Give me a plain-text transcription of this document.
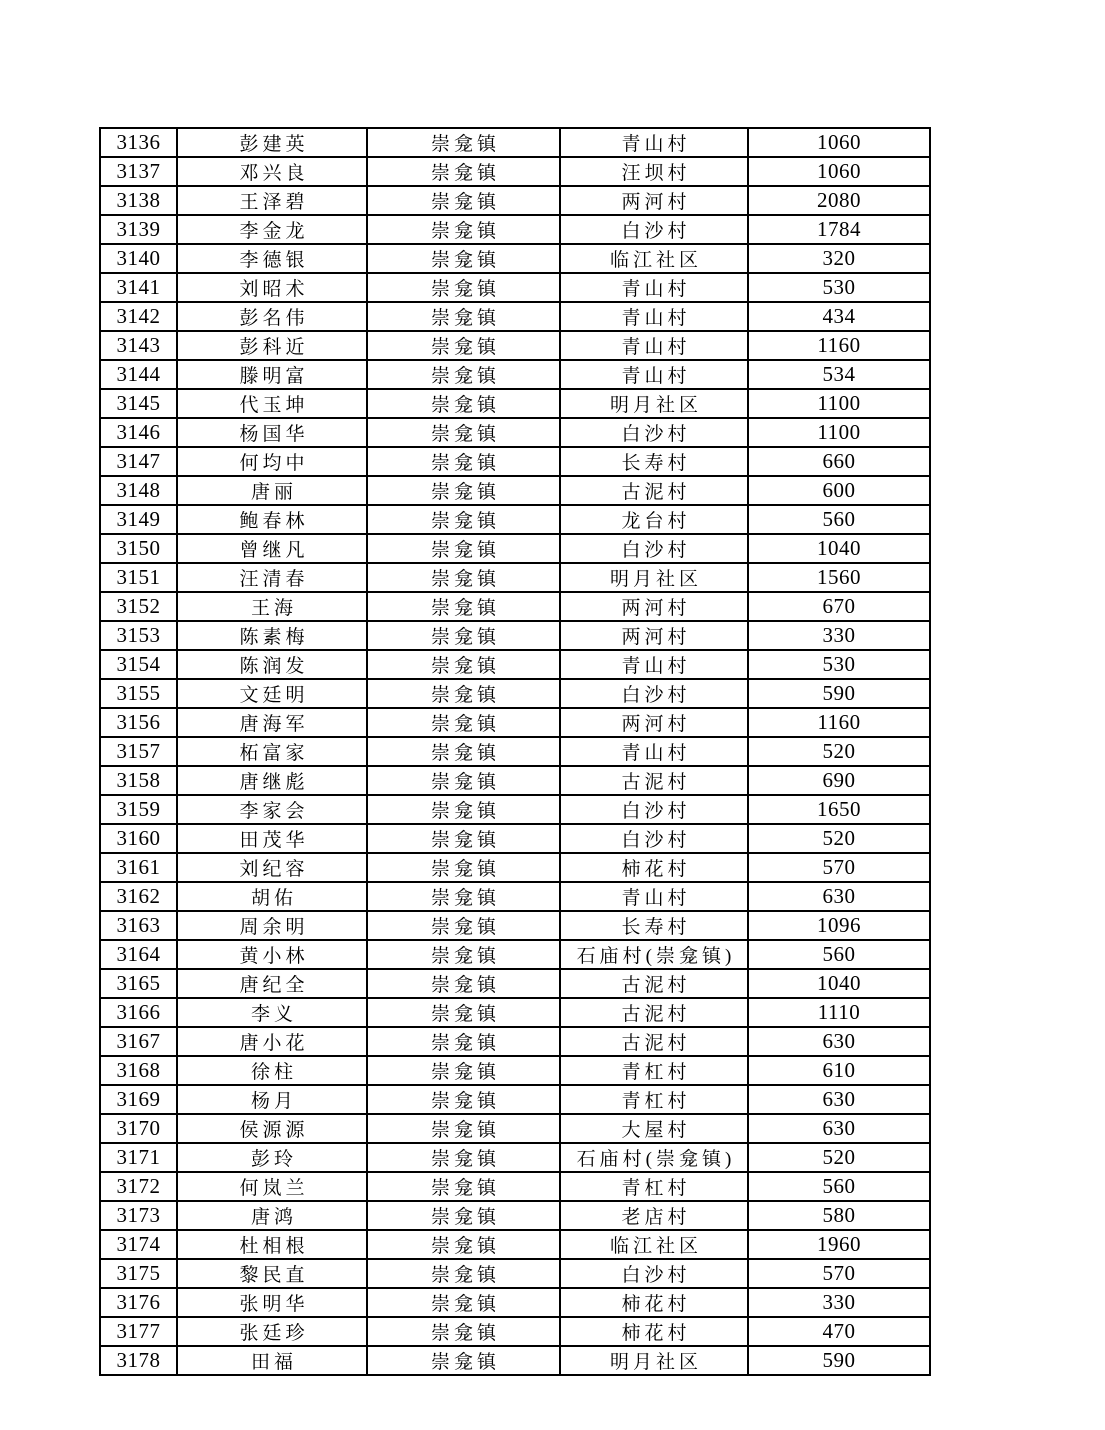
3136	彭建英	崇龛镇	青山村	1060
3137	邓兴良	崇龛镇	汪坝村	1060
3138	王泽碧	崇龛镇	两河村	2080
3139	李金龙	崇龛镇	白沙村	1784
3140	李德银	崇龛镇	临江社区	320
3141	刘昭术	崇龛镇	青山村	530
3142	彭名伟	崇龛镇	青山村	434
3143	彭科近	崇龛镇	青山村	1160
3144	滕明富	崇龛镇	青山村	534
3145	代玉坤	崇龛镇	明月社区	1100
3146	杨国华	崇龛镇	白沙村	1100
3147	何均中	崇龛镇	长寿村	660
3148	唐丽	崇龛镇	古泥村	600
3149	鲍春林	崇龛镇	龙台村	560
3150	曾继凡	崇龛镇	白沙村	1040
3151	汪清春	崇龛镇	明月社区	1560
3152	王海	崇龛镇	两河村	670
3153	陈素梅	崇龛镇	两河村	330
3154	陈润发	崇龛镇	青山村	530
3155	文廷明	崇龛镇	白沙村	590
3156	唐海军	崇龛镇	两河村	1160
3157	柘富家	崇龛镇	青山村	520
3158	唐继彪	崇龛镇	古泥村	690
3159	李家会	崇龛镇	白沙村	1650
3160	田茂华	崇龛镇	白沙村	520
3161	刘纪容	崇龛镇	柿花村	570
3162	胡佑	崇龛镇	青山村	630
3163	周余明	崇龛镇	长寿村	1096
3164	黄小林	崇龛镇	石庙村(崇龛镇)	560
3165	唐纪全	崇龛镇	古泥村	1040
3166	李义	崇龛镇	古泥村	1110
3167	唐小花	崇龛镇	古泥村	630
3168	徐柱	崇龛镇	青杠村	610
3169	杨月	崇龛镇	青杠村	630
3170	侯源源	崇龛镇	大屋村	630
3171	彭玲	崇龛镇	石庙村(崇龛镇)	520
3172	何岚兰	崇龛镇	青杠村	560
3173	唐鸿	崇龛镇	老店村	580
3174	杜相根	崇龛镇	临江社区	1960
3175	黎民直	崇龛镇	白沙村	570
3176	张明华	崇龛镇	柿花村	330
3177	张廷珍	崇龛镇	柿花村	470
3178	田福	崇龛镇	明月社区	590
